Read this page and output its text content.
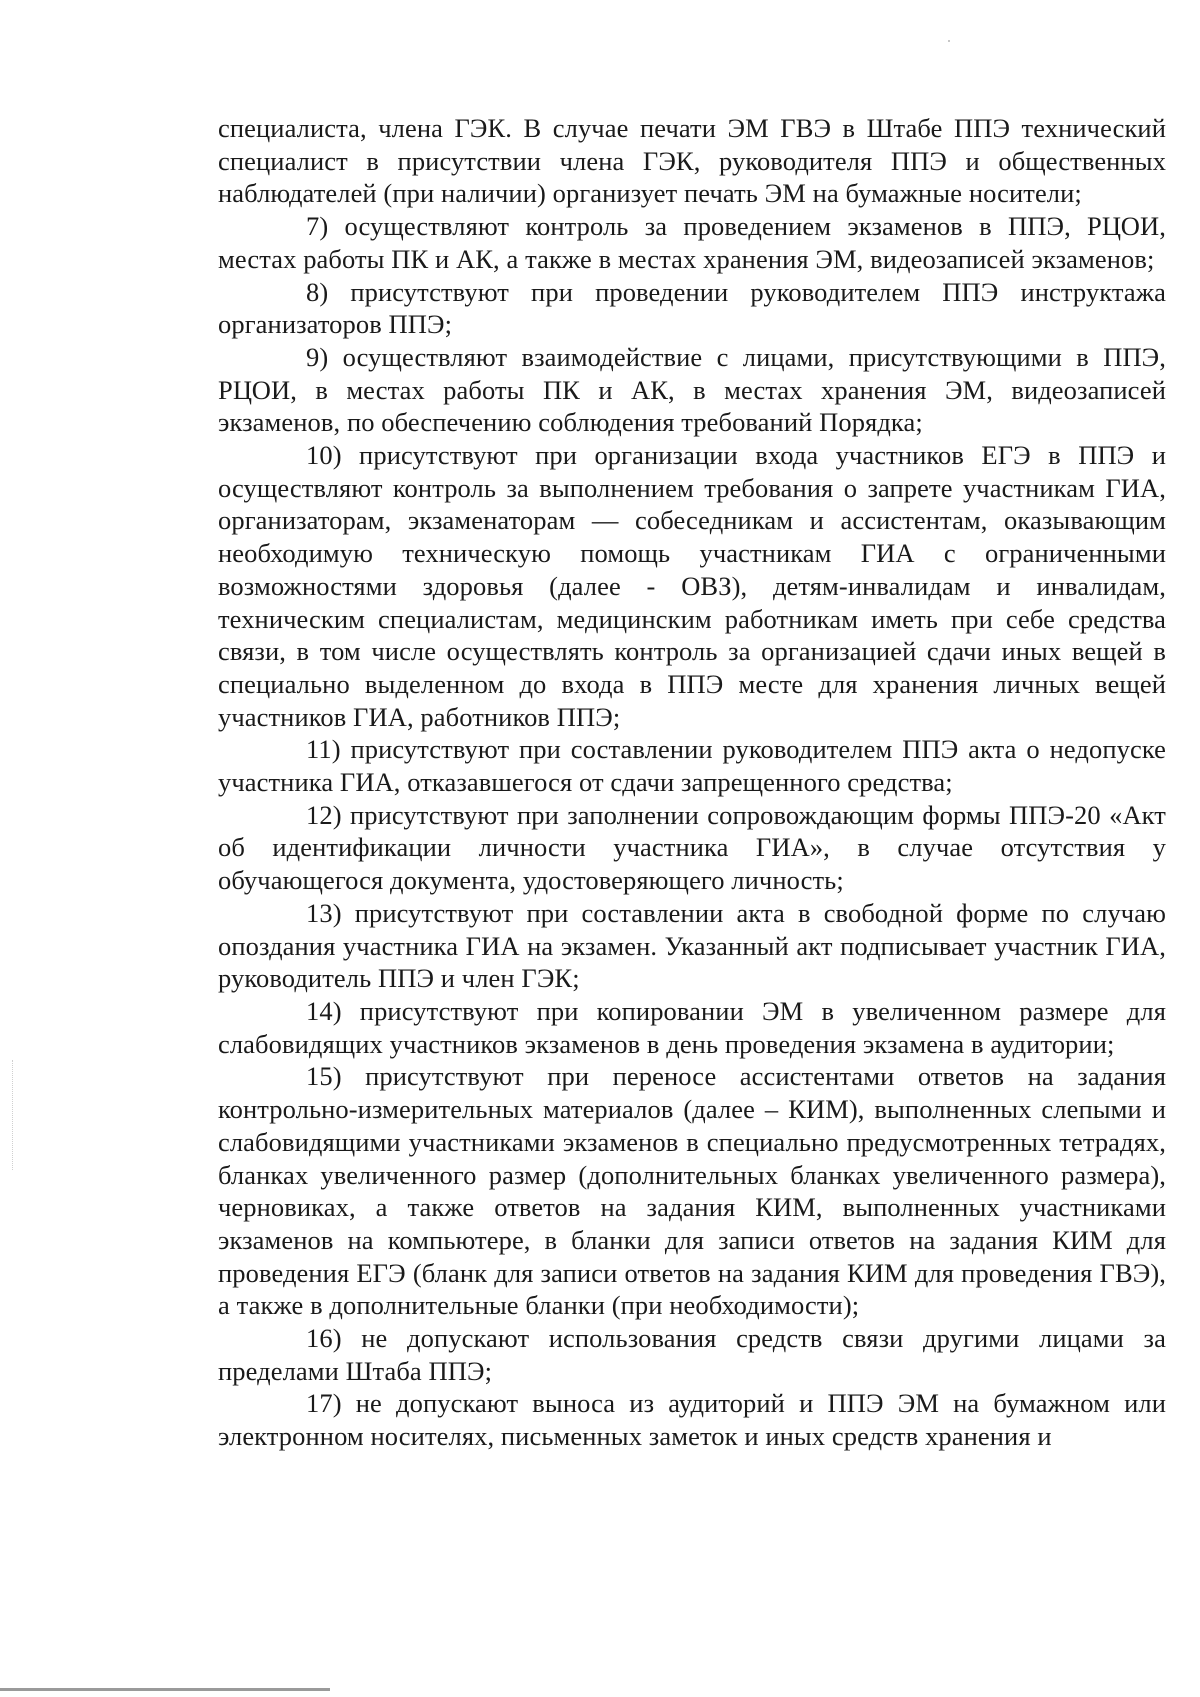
специалиста, члена ГЭК. В случае печати ЭМ ГВЭ в Штабе ППЭ технический специалист в присутствии члена ГЭК, руководителя ППЭ и общественных наблюдателей (при наличии) организует печать ЭМ на бумажные носители;

7) осуществляют контроль за проведением экзаменов в ППЭ, РЦОИ, местах работы ПК и АК, а также в местах хранения ЭМ, видеозаписей экзаменов;

8) присутствуют при проведении руководителем ППЭ инструктажа организаторов ППЭ;

9) осуществляют взаимодействие с лицами, присутствующими в ППЭ, РЦОИ, в местах работы ПК и АК, в местах хранения ЭМ, видеозаписей экзаменов, по обеспечению соблюдения требований Порядка;

10) присутствуют при организации входа участников ЕГЭ в ППЭ и осуществляют контроль за выполнением требования о запрете участникам ГИА, организаторам, экзаменаторам — собеседникам и ассистентам, оказывающим необходимую техническую помощь участникам ГИА с ограниченными возможностями здоровья (далее - ОВЗ), детям-инвалидам и инвалидам, техническим специалистам, медицинским работникам иметь при себе средства связи, в том числе осуществлять контроль за организацией сдачи иных вещей в специально выделенном до входа в ППЭ месте для хранения личных вещей участников ГИА, работников ППЭ;

11) присутствуют при составлении руководителем ППЭ акта о недопуске участника ГИА, отказавшегося от сдачи запрещенного средства;

12) присутствуют при заполнении сопровождающим формы ППЭ-20 «Акт об идентификации личности участника ГИА», в случае отсутствия у обучающегося документа, удостоверяющего личность;

13) присутствуют при составлении акта в свободной форме по случаю опоздания участника ГИА на экзамен. Указанный акт подписывает участник ГИА, руководитель ППЭ и член ГЭК;

14) присутствуют при копировании ЭМ в увеличенном размере для слабовидящих участников экзаменов в день проведения экзамена в аудитории;

15) присутствуют при переносе ассистентами ответов на задания контрольно-измерительных материалов (далее – КИМ), выполненных слепыми и слабовидящими участниками экзаменов в специально предусмотренных тетрадях, бланках увеличенного размер (дополнительных бланках увеличенного размера), черновиках, а также ответов на задания КИМ, выполненных участниками экзаменов на компьютере, в бланки для записи ответов на задания КИМ для проведения ЕГЭ (бланк для записи ответов на задания КИМ для проведения ГВЭ), а также в дополнительные бланки (при необходимости);

16) не допускают использования средств связи другими лицами за пределами Штаба ППЭ;

17) не допускают выноса из аудиторий и ППЭ ЭМ на бумажном или электронном носителях, письменных заметок и иных средств хранения и
